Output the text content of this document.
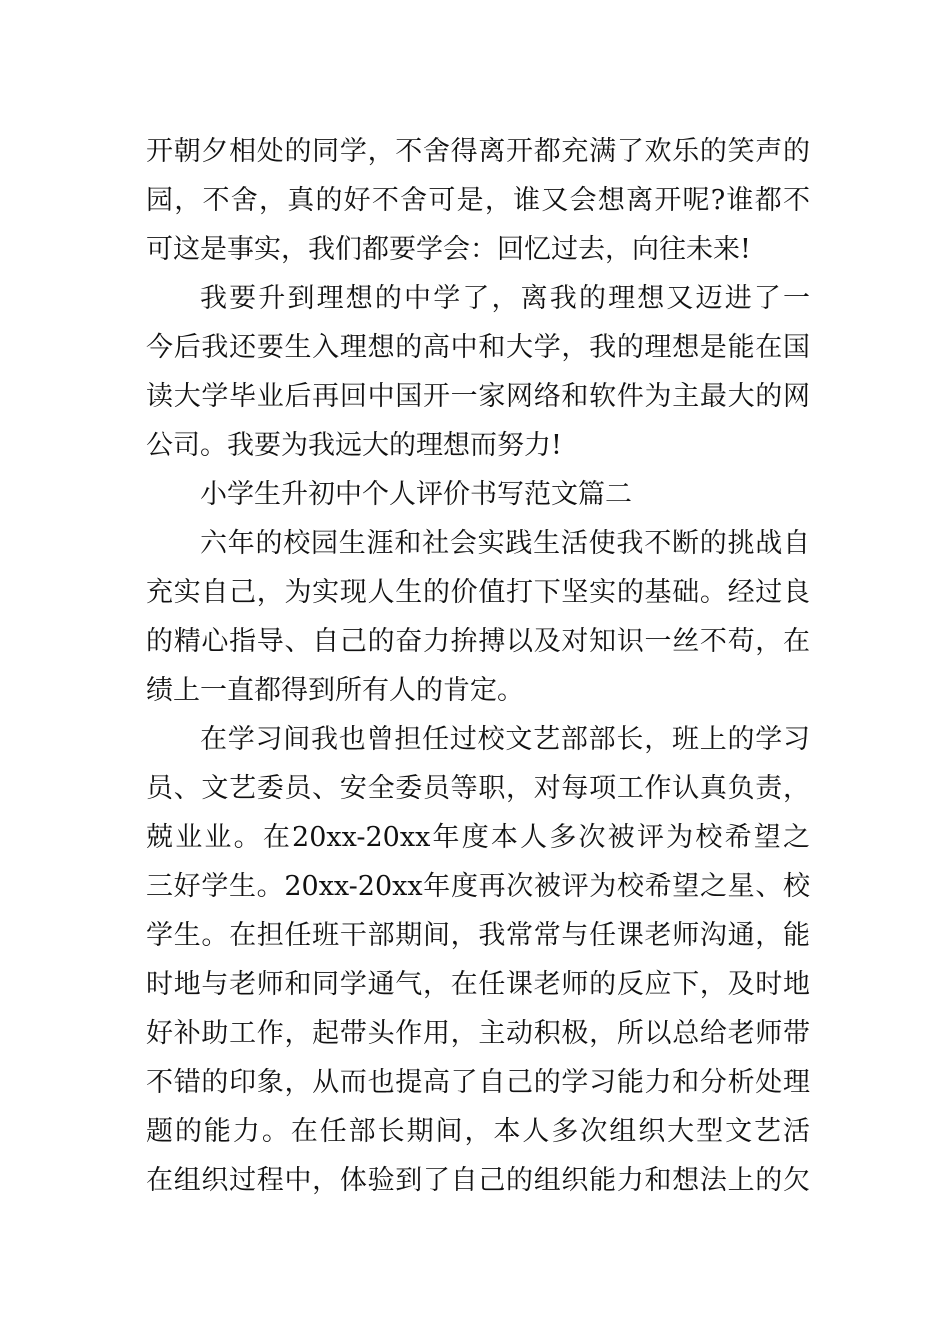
开朝夕相处的同学，不舍得离开都充满了欢乐的笑声的
园，不舍，真的好不舍可是，谁又会想离开呢?谁都不
可这是事实，我们都要学会：回忆过去，向往未来!
我要升到理想的中学了，离我的理想又迈进了一
今后我还要生入理想的高中和大学，我的理想是能在国
读大学毕业后再回中国开一家网络和软件为主最大的网
公司。我要为我远大的理想而努力!
小学生升初中个人评价书写范文篇二
六年的校园生涯和社会实践生活使我不断的挑战自
充实自己，为实现人生的价值打下坚实的基础。经过良
的精心指导、自己的奋力拚搏以及对知识一丝不苟，在
绩上一直都得到所有人的肯定。
在学习间我也曾担任过校文艺部部长，班上的学习
员、文艺委员、安全委员等职，对每项工作认真负责，
兢业业。在20xx-20xx年度本人多次被评为校希望之
三好学生。20xx-20xx年度再次被评为校希望之星、校
学生。在担任班干部期间，我常常与任课老师沟通，能
时地与老师和同学通气，在任课老师的反应下，及时地
好补助工作，起带头作用，主动积极，所以总给老师带
不错的印象，从而也提高了自己的学习能力和分析处理
题的能力。在任部长期间，本人多次组织大型文艺活
在组织过程中，体验到了自己的组织能力和想法上的欠
